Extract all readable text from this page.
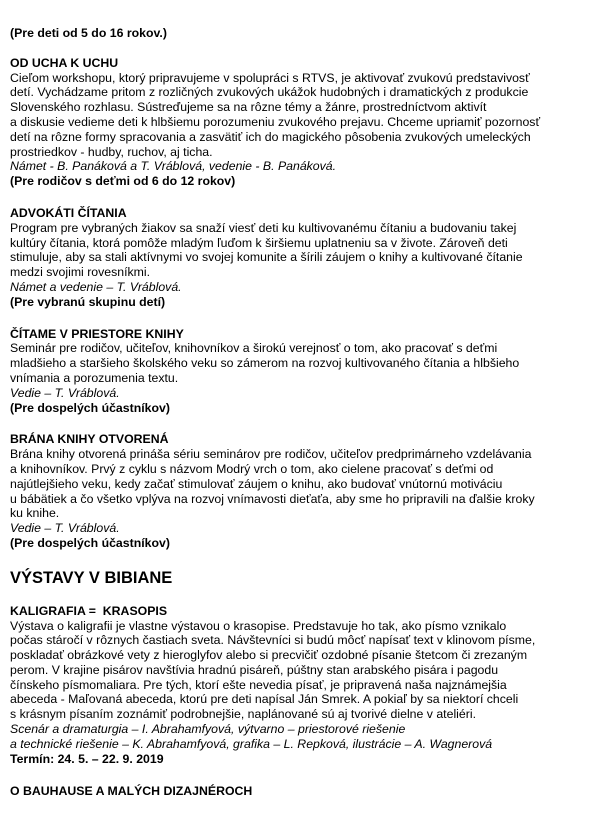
(Pre deti od 5 do 16 rokov.)
OD UCHA K UCHU
Cieľom workshopu, ktorý pripravujeme v spolupráci s RTVS, je aktivovať zvukovú predstavivosť
detí. Vychádzame pritom z rozličných zvukových ukážok hudobných i dramatických z produkcie
Slovenského rozhlasu. Sústreďujeme sa na rôzne témy a žánre, prostredníctvom aktivít
a diskusie vedieme deti k hlbšiemu porozumeniu zvukového prejavu. Chceme upriamiť pozornosť
detí na rôzne formy spracovania a zasvätiť ich do magického pôsobenia zvukových umeleckých
prostriedkov - hudby, ruchov, aj ticha.
Námet - B. Panáková a T. Vráblová, vedenie - B. Panáková.
(Pre rodičov s deťmi od 6 do 12 rokov)
ADVOKÁTI ČÍTANIA
Program pre vybraných žiakov sa snaží viesť deti ku kultivovanému čítaniu a budovaniu takej
kultúry čítania, ktorá pomôže mladým ľuďom k širšiemu uplatneniu sa v živote. Zároveň deti
stimuluje, aby sa stali aktívnymi vo svojej komunite a šírili záujem o knihy a kultivované čítanie
medzi svojimi rovesníkmi.
Námet a vedenie – T. Vráblová.
(Pre vybranú skupinu detí)
ČÍTAME V PRIESTORE KNIHY
Seminár pre rodičov, učiteľov, knihovníkov a širokú verejnosť o tom, ako pracovať s deťmi
mladšieho a staršieho školského veku so zámerom na rozvoj kultivovaného čítania a hlbšieho
vnímania a porozumenia textu.
Vedie – T. Vráblová.
(Pre dospelých účastníkov)
BRÁNA KNIHY OTVORENÁ
Brána knihy otvorená prináša sériu seminárov pre rodičov, učiteľov predprimárneho vzdelávania
a knihovníkov. Prvý z cyklu s názvom Modrý vrch o tom, ako cielene pracovať s deťmi od
najútlejšieho veku, kedy začať stimulovať záujem o knihu, ako budovať vnútornú motiváciu
u bábätiek a čo všetko vplýva na rozvoj vnímavosti dieťaťa, aby sme ho pripravili na ďalšie kroky
ku knihe.
Vedie – T. Vráblová.
(Pre dospelých účastníkov)
VÝSTAVY V BIBIANE
KALIGRAFIA =  KRASOPIS
Výstava o kaligrafii je vlastne výstavou o krasopise. Predstavuje ho tak, ako písmo vznikalo
počas stáročí v rôznych častiach sveta. Návštevníci si budú môcť napísať text v klinovom písme,
poskladať obrázkové vety z hieroglyfov alebo si precvičiť ozdobné písanie štetcom či zrezaným
perom. V krajine pisárov navštívia hradnú pisáreň, púštny stan arabského pisára i pagodu
čínskeho písmomaliara. Pre tých, ktorí ešte nevedia písať, je pripravená naša najznámejšia
abeceda - Maľovaná abeceda, ktorú pre deti napísal Ján Smrek. A pokiaľ by sa niektorí chceli
s krásnym písaním zoznámiť podrobnejšie, naplánované sú aj tvorivé dielne v ateliéri.
Scenár a dramaturgia – I. Abrahamfyová, výtvarno – priestorové riešenie
a technické riešenie – K. Abrahamfyová, grafika – L. Repková, ilustrácie – A. Wagnerová
Termín: 24. 5. – 22. 9. 2019
O BAUHAUSE A MALÝCH DIZAJNÉROCH
